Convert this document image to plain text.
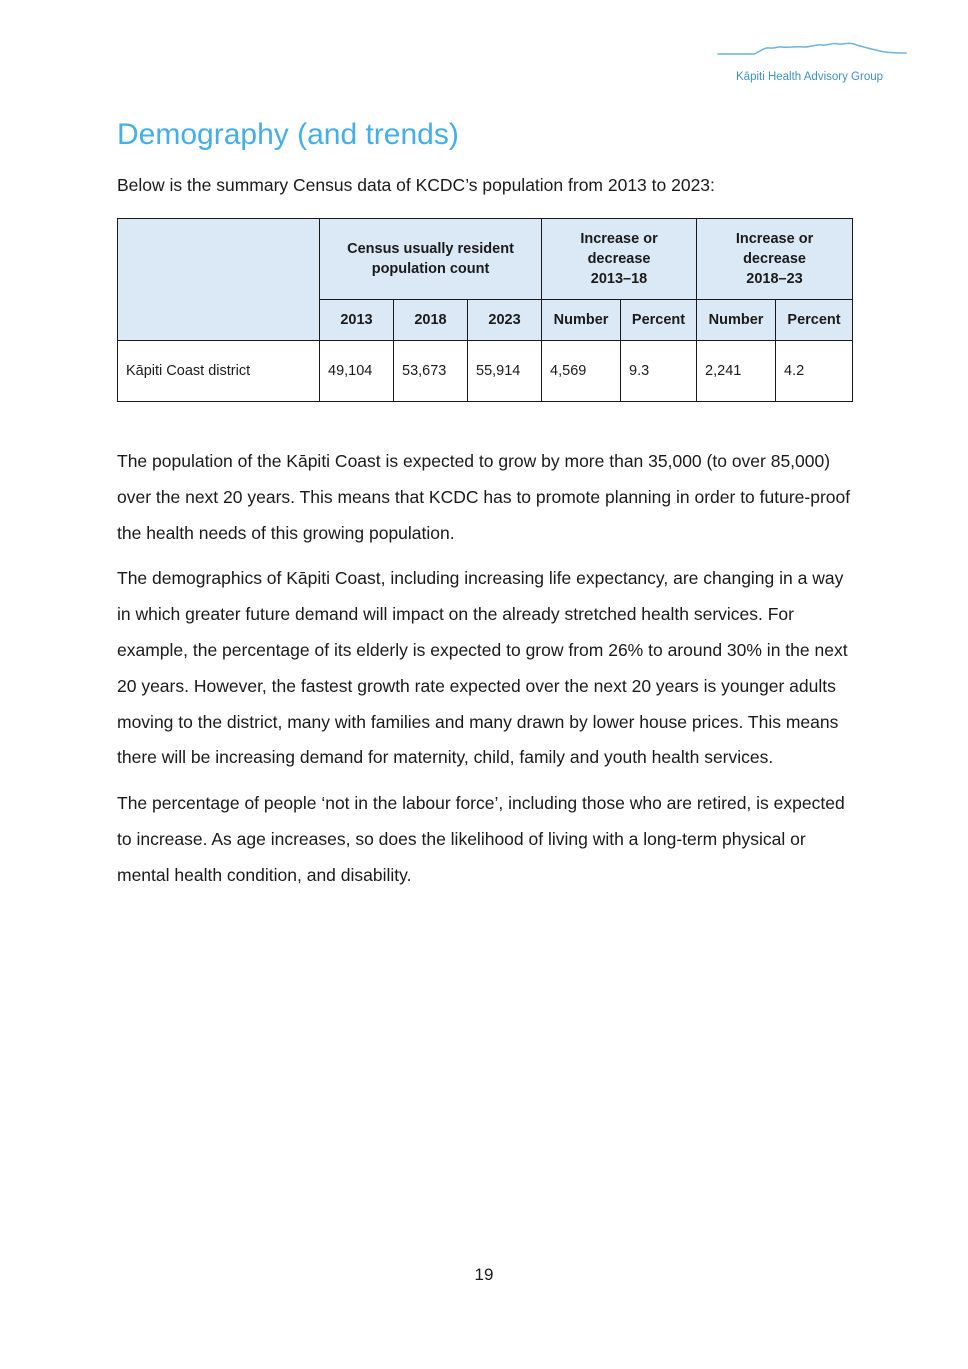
Kāpiti Health Advisory Group
Demography (and trends)

Below is the summary Census data of KCDC’s population from 2013 to 2023:

	Census usually resident population count			Increase or decrease 2013–18		Increase or decrease 2018–23	
	2013	2018	2023	Number	Percent	Number	Percent
Kāpiti Coast district	49,104	53,673	55,914	4,569	9.3	2,241	4.2

The population of the Kāpiti Coast is expected to grow by more than 35,000 (to over 85,000) over the next 20 years. This means that KCDC has to promote planning in order to future-proof the health needs of this growing population.

The demographics of Kāpiti Coast, including increasing life expectancy, are changing in a way in which greater future demand will impact on the already stretched health services. For example, the percentage of its elderly is expected to grow from 26% to around 30% in the next 20 years. However, the fastest growth rate expected over the next 20 years is younger adults moving to the district, many with families and many drawn by lower house prices. This means there will be increasing demand for maternity, child, family and youth health services.

The percentage of people ‘not in the labour force’, including those who are retired, is expected to increase. As age increases, so does the likelihood of living with a long-term physical or mental health condition, and disability.

19
